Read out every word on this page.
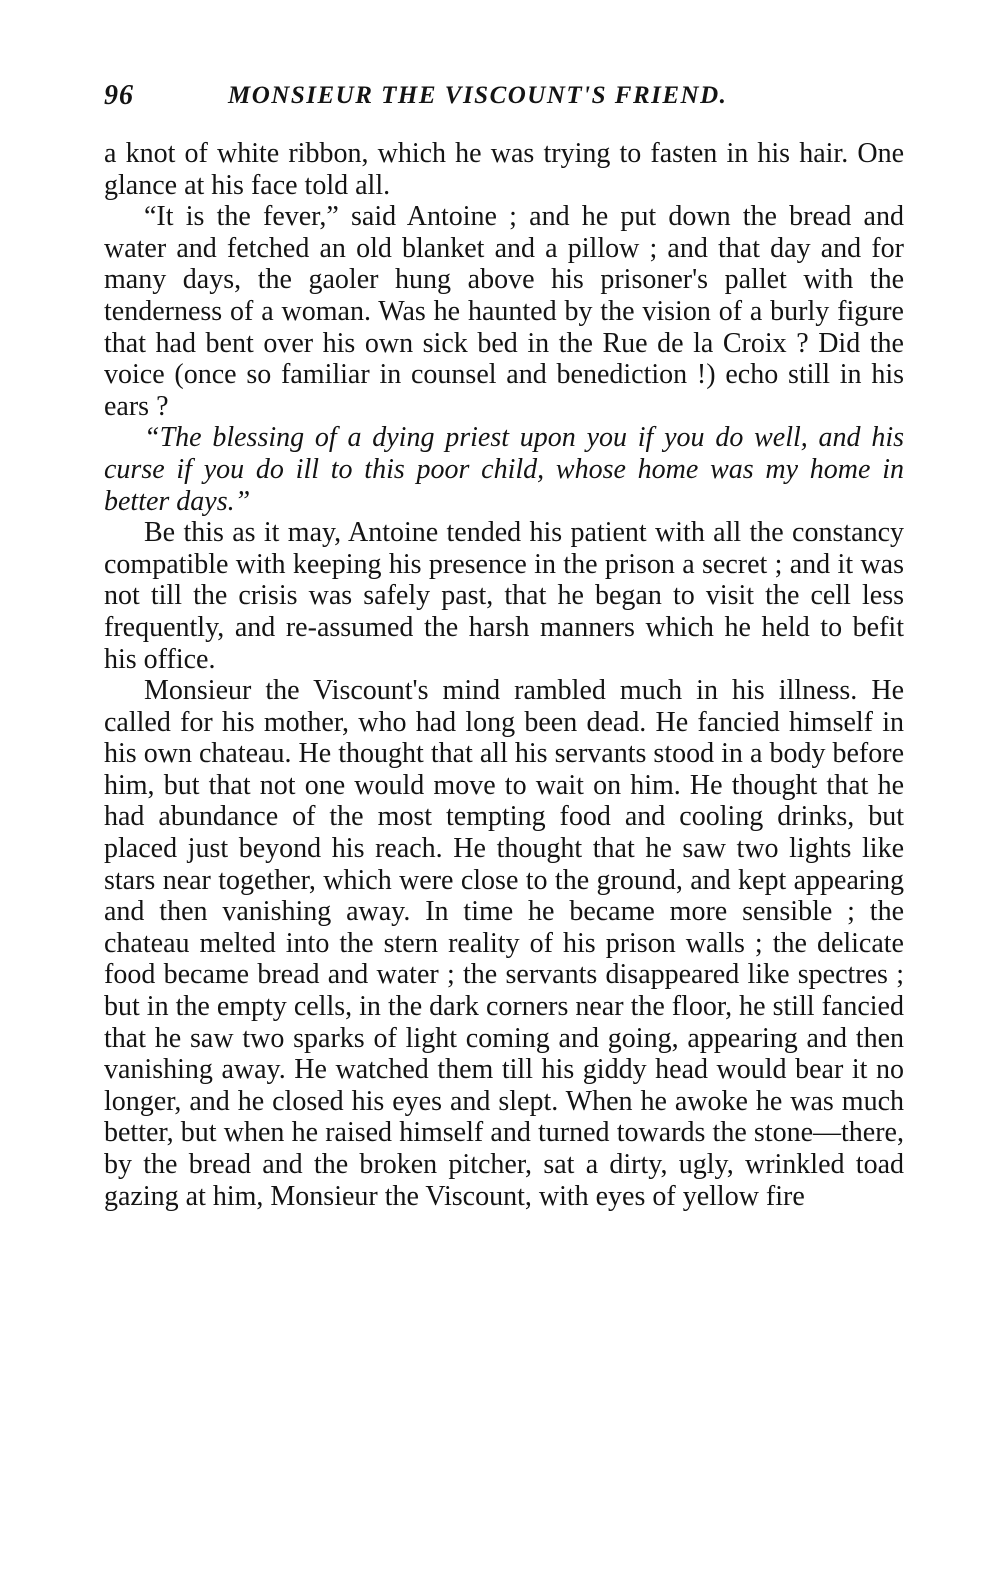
96	MONSIEUR THE VISCOUNT'S FRIEND.

a knot of white ribbon, which he was trying to fasten in his hair. One glance at his face told all.

“It is the fever,” said Antoine ; and he put down the bread and water and fetched an old blanket and a pillow ; and that day and for many days, the gaoler hung above his prisoner's pallet with the tenderness of a woman. Was he haunted by the vision of a burly figure that had bent over his own sick bed in the Rue de la Croix ? Did the voice (once so familiar in counsel and benediction !) echo still in his ears ?

“The blessing of a dying priest upon you if you do well, and his curse if you do ill to this poor child, whose home was my home in better days.”

Be this as it may, Antoine tended his patient with all the constancy compatible with keeping his presence in the prison a secret ; and it was not till the crisis was safely past, that he began to visit the cell less frequently, and re-assumed the harsh manners which he held to befit his office.

Monsieur the Viscount's mind rambled much in his illness. He called for his mother, who had long been dead. He fancied himself in his own chateau. He thought that all his servants stood in a body before him, but that not one would move to wait on him. He thought that he had abundance of the most tempting food and cooling drinks, but placed just beyond his reach. He thought that he saw two lights like stars near together, which were close to the ground, and kept appearing and then vanishing away. In time he became more sensible ; the chateau melted into the stern reality of his prison walls ; the delicate food became bread and water ; the servants disappeared like spectres ; but in the empty cells, in the dark corners near the floor, he still fancied that he saw two sparks of light coming and going, appearing and then vanishing away. He watched them till his giddy head would bear it no longer, and he closed his eyes and slept. When he awoke he was much better, but when he raised himself and turned towards the stone—there, by the bread and the broken pitcher, sat a dirty, ugly, wrinkled toad gazing at him, Monsieur the Viscount, with eyes of yellow fire
